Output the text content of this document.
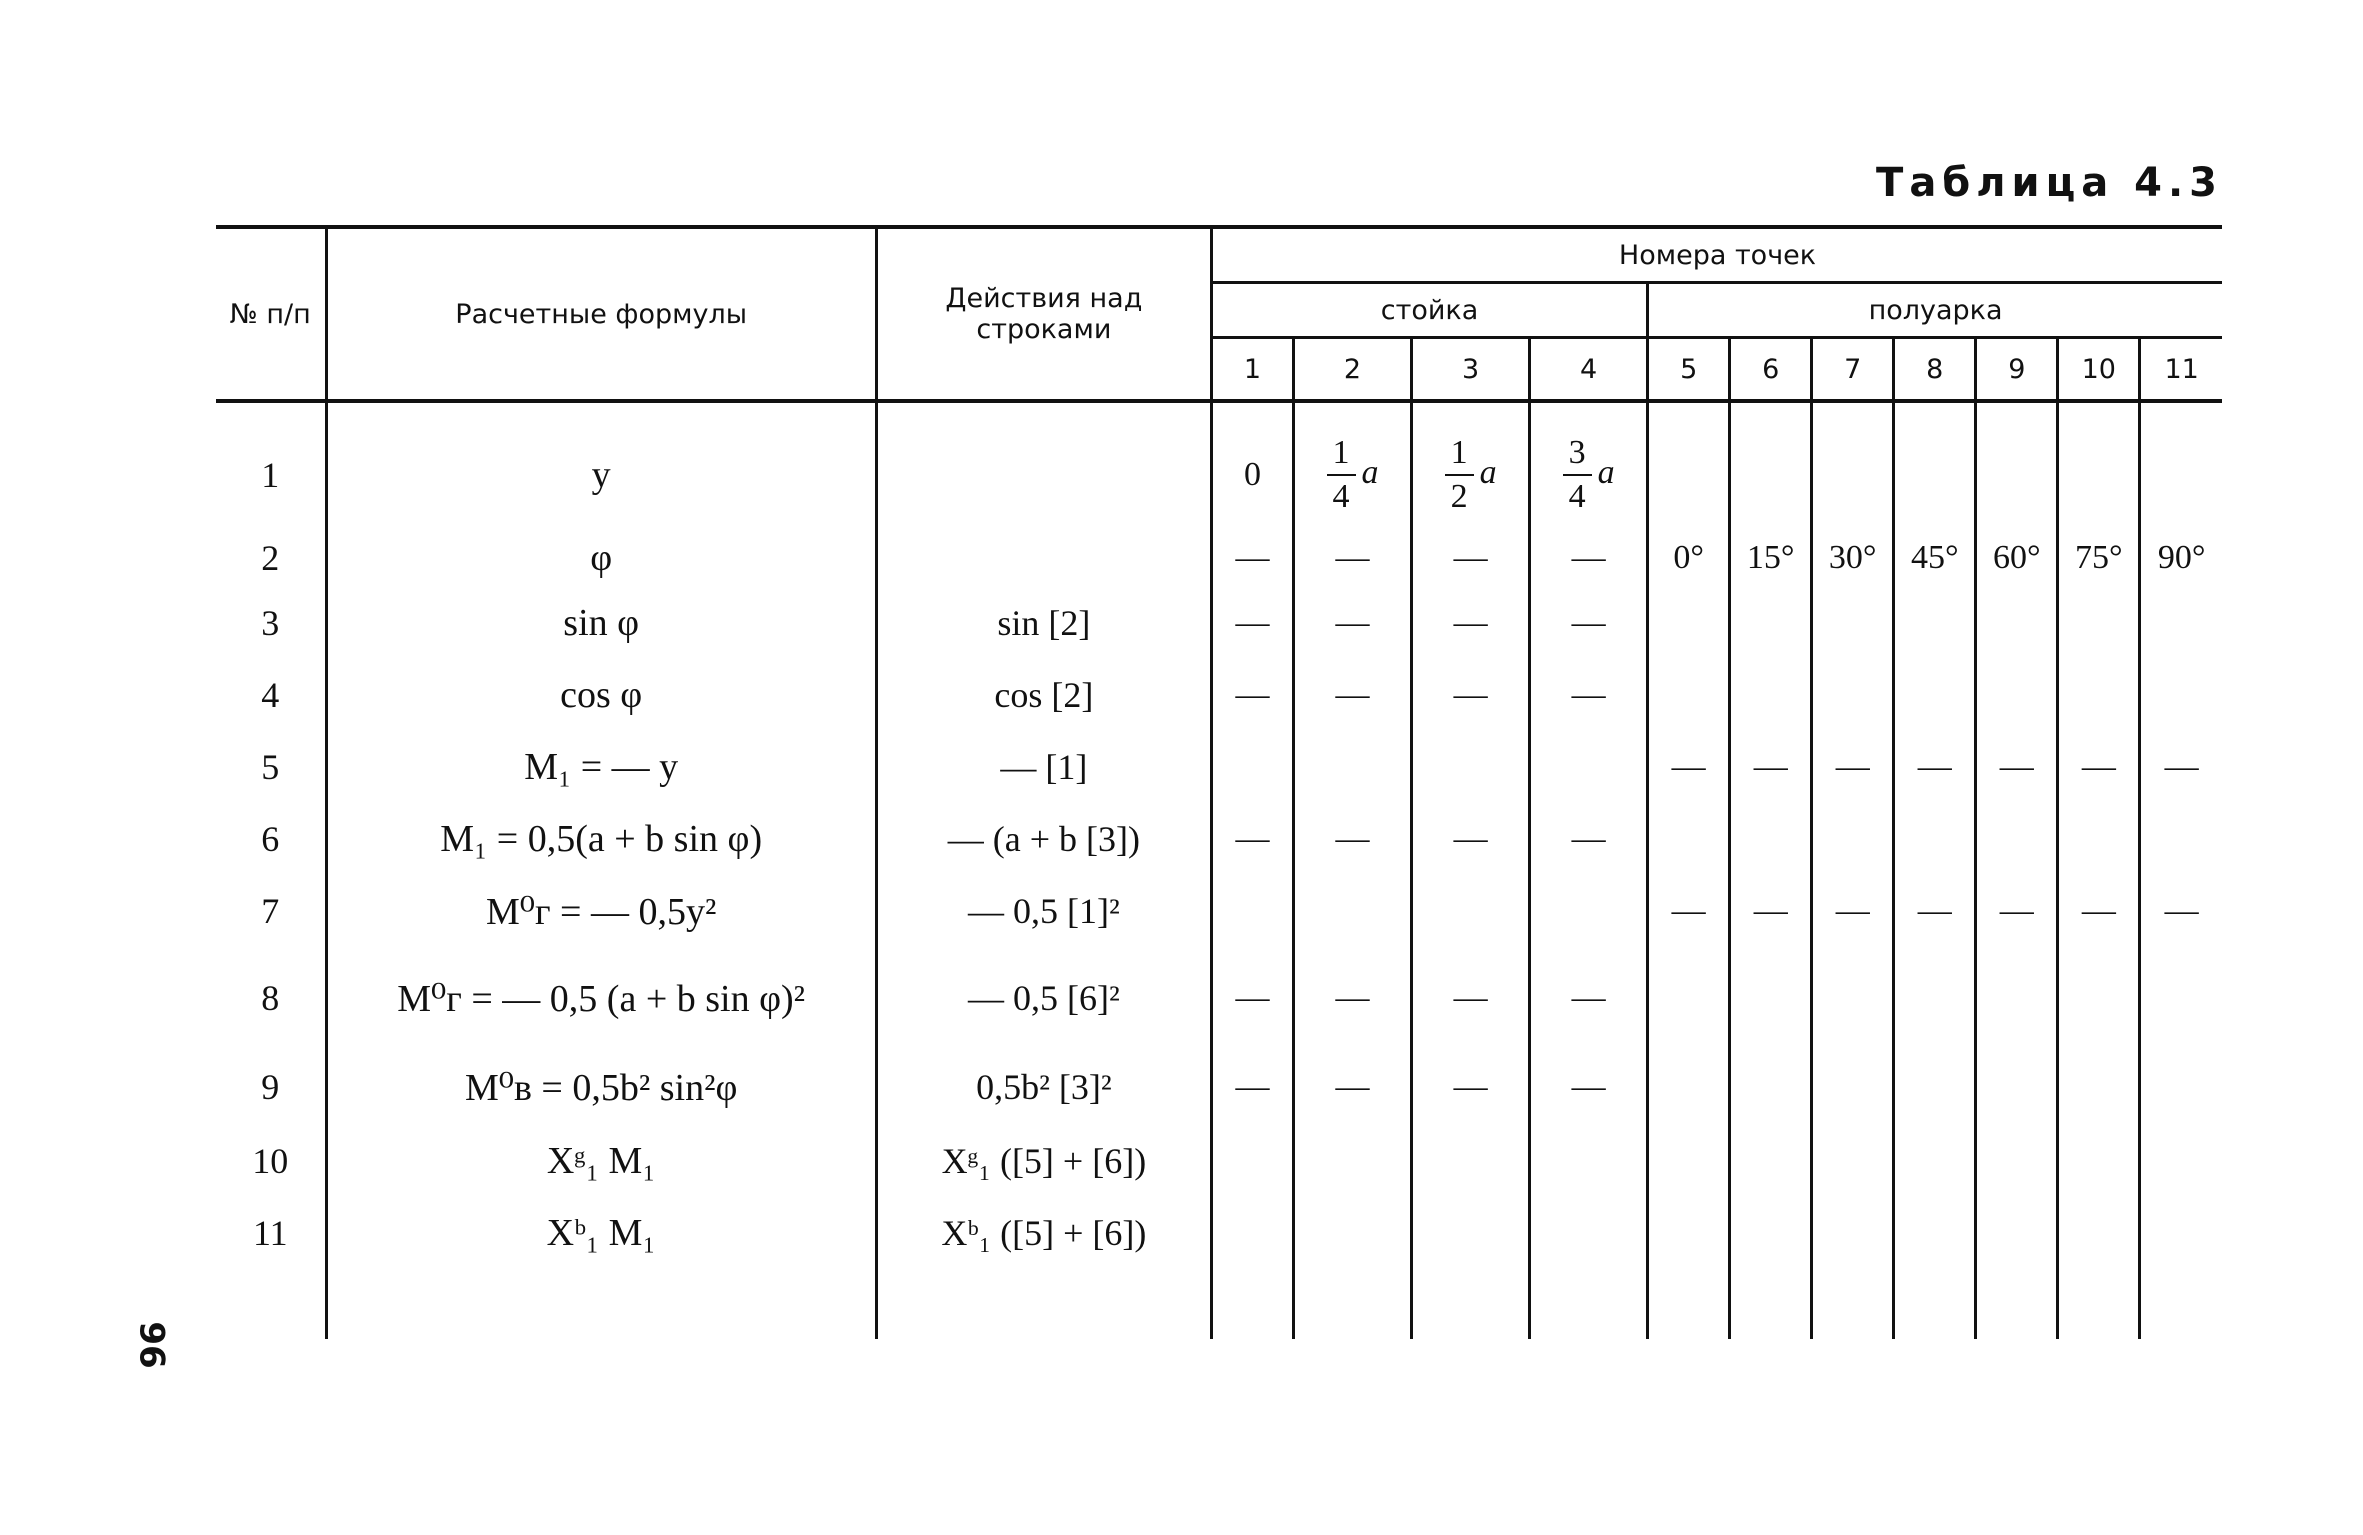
Таблица 4.3
96
№ п/п	Расчетные формулы	Действия над строками	Номера точек										
			стойка				полуарка						
			1	2	3	4	5	6	7	8	9	10	11

1	y		0	$\frac{1}{4}$ a	$\frac{1}{2}$ a	$\frac{3}{4}$ a							
2	φ		—	—	—	—	0°	15°	30°	45°	60°	75°	90°
3	sin φ	sin [2]	—	—	—	—							
4	cos φ	cos [2]	—	—	—	—							
5	M₁ = — y	— [1]					—	—	—	—	—	—	—
6	M₁ = 0,5(a + b sin φ)	— (a + b [3])	—	—	—	—							
7	M⁰г = — 0,5y²	— 0,5 [1]²					—	—	—	—	—	—	—
8	M⁰г = — 0,5 (a + b sin φ)²	— 0,5 [6]²	—	—	—	—							
9	M⁰в = 0,5b² sin²φ	0,5b² [3]²	—	—	—	—							
10	Xᵍ₁ M₁	Xᵍ₁ ([5] + [6])											
11	Xᵇ₁ M₁	Xᵇ₁ ([5] + [6])											
